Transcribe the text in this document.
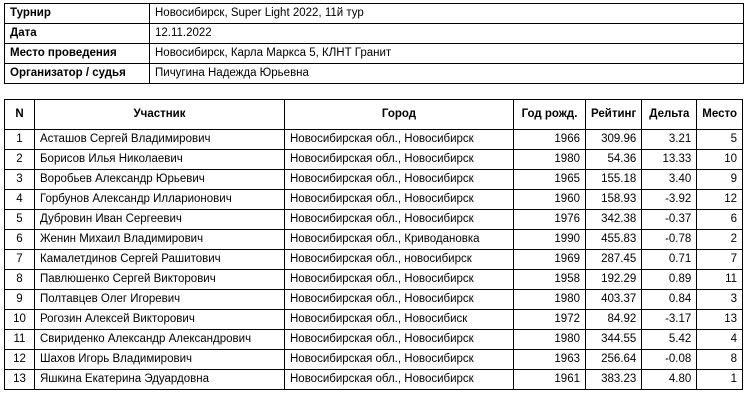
Турнир	Новосибирск, Super Light 2022, 11й тур
Дата	12.11.2022
Место проведения	Новосибирск, Карла Маркса 5, КЛНТ Гранит
Организатор / судья	Пичугина Надежда Юрьевна
N	Участник	Город	Год рожд.	Рейтинг	Дельта	Место
1	Асташов Сергей Владимирович	Новосибирская обл., Новосибирск	1966	309.96	3.21	5
2	Борисов Илья Николаевич	Новосибирская обл., Новосибирск	1980	54.36	13.33	10
3	Воробьев Александр Юрьевич	Новосибирская обл., Новосибирск	1965	155.18	3.40	9
4	Горбунов Александр Илларионович	Новосибирская обл., Новосибирск	1960	158.93	-3.92	12
5	Дубровин Иван Сергеевич	Новосибирская обл., Новосибирск	1976	342.38	-0.37	6
6	Женин Михаил Владимирович	Новосибирская обл., Криводановка	1990	455.83	-0.78	2
7	Камалетдинов Сергей Рашитович	Новосибирская обл., новосибирск	1969	287.45	0.71	7
8	Павлюшенко Сергей Викторович	Новосибирская обл., Новосибирск	1958	192.29	0.89	11
9	Полтавцев Олег Игоревич	Новосибирская обл., Новосибирск	1980	403.37	0.84	3
10	Рогозин Алексей Викторович	Новосибирская обл., Новосибиск	1972	84.92	-3.17	13
11	Свириденко Александр Александрович	Новосибирская обл., Новосибирск	1980	344.55	5.42	4
12	Шахов Игорь Владимирович	Новосибирская обл., Новосибирск	1963	256.64	-0.08	8
13	Яшкина Екатерина Эдуардовна	Новосибирская обл., Новосибирск	1961	383.23	4.80	1
